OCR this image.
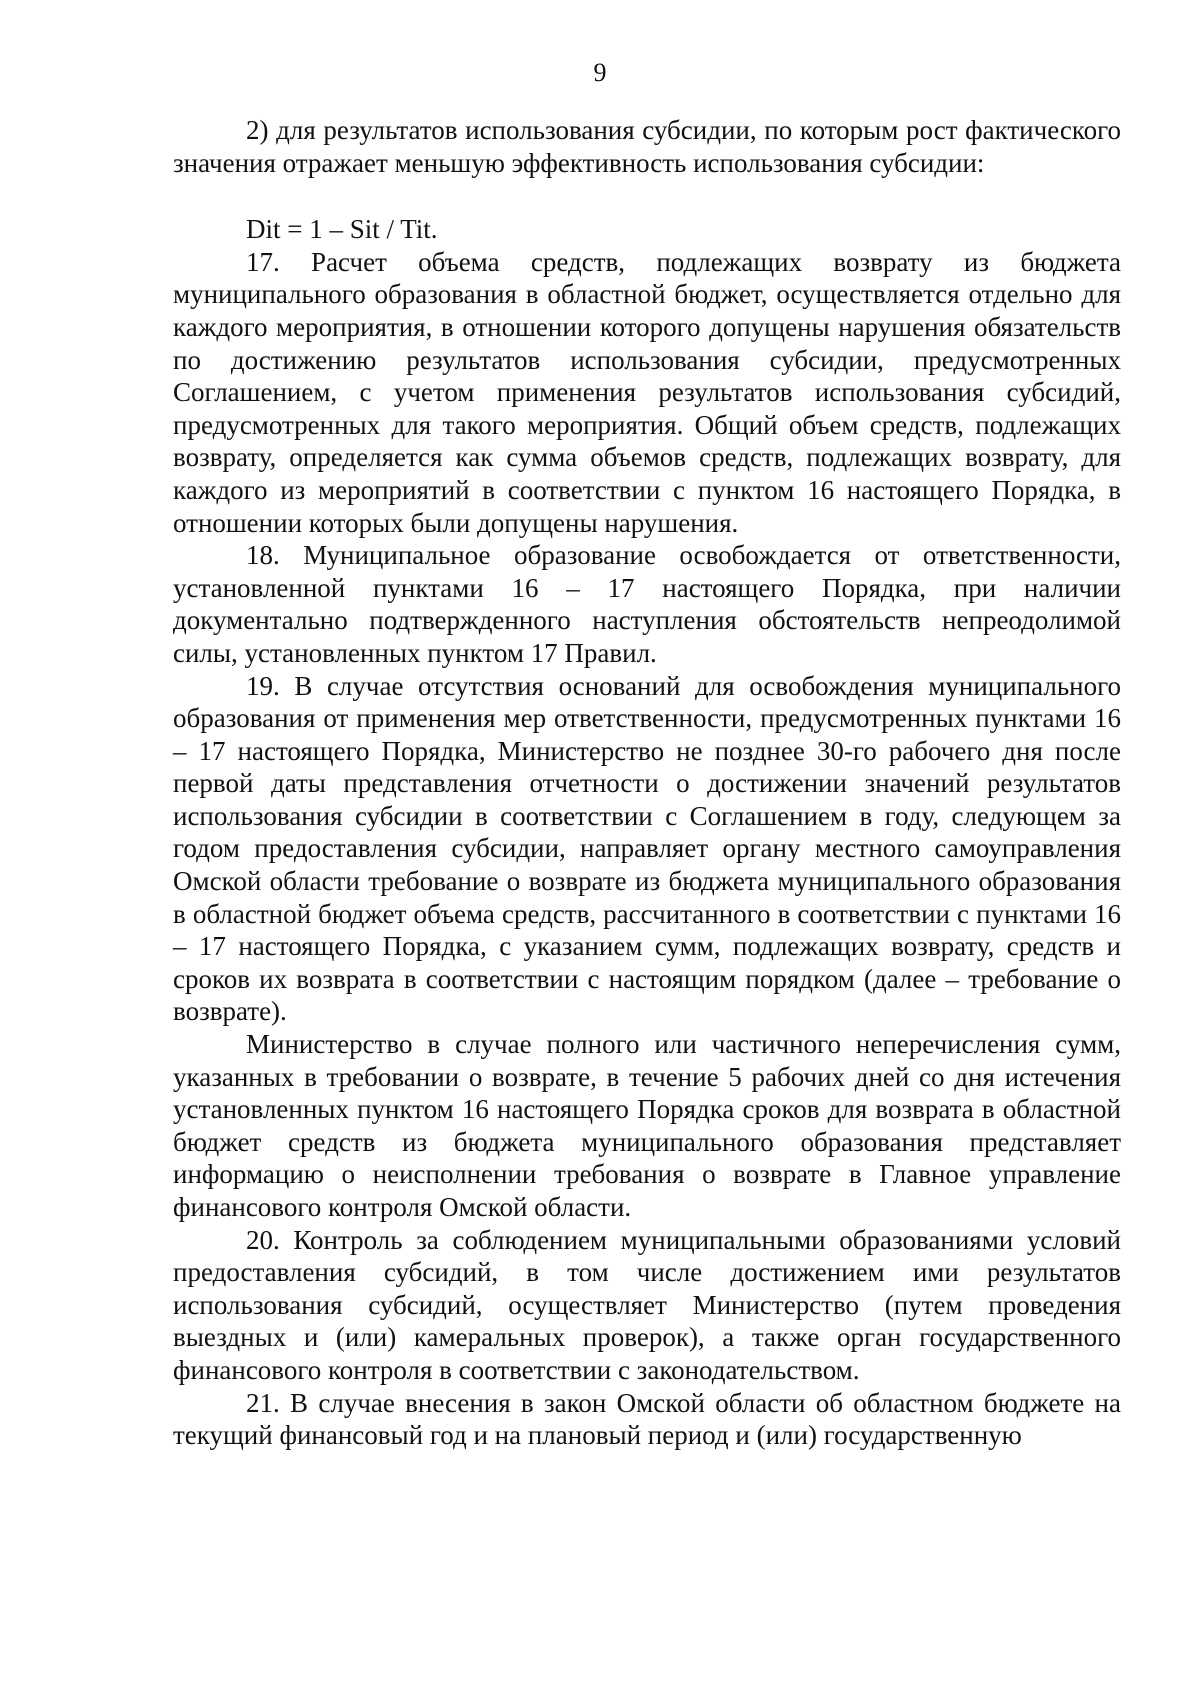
9

2) для результатов использования субсидии, по которым рост фактического значения отражает меньшую эффективность использования субсидии:

Dit = 1 – Sit / Tit.

17. Расчет объема средств, подлежащих возврату из бюджета муниципального образования в областной бюджет, осуществляется отдельно для каждого мероприятия, в отношении которого допущены нарушения обязательств по достижению результатов использования субсидии, предусмотренных Соглашением, с учетом применения результатов использования субсидий, предусмотренных для такого мероприятия. Общий объем средств, подлежащих возврату, определяется как сумма объемов средств, подлежащих возврату, для каждого из мероприятий в соответствии с пунктом 16 настоящего Порядка, в отношении которых были допущены нарушения.

18. Муниципальное образование освобождается от ответственности, установленной пунктами 16 – 17 настоящего Порядка, при наличии документально подтвержденного наступления обстоятельств непреодолимой силы, установленных пунктом 17 Правил.

19. В случае отсутствия оснований для освобождения муниципального образования от применения мер ответственности, предусмотренных пунктами 16 – 17 настоящего Порядка, Министерство не позднее 30-го рабочего дня после первой даты представления отчетности о достижении значений результатов использования субсидии в соответствии с Соглашением в году, следующем за годом предоставления субсидии, направляет органу местного самоуправления Омской области требование о возврате из бюджета муниципального образования в областной бюджет объема средств, рассчитанного в соответствии с пунктами 16 – 17 настоящего Порядка, с указанием сумм, подлежащих возврату, средств и сроков их возврата в соответствии с настоящим порядком (далее – требование о возврате).

Министерство в случае полного или частичного неперечисления сумм, указанных в требовании о возврате, в течение 5 рабочих дней со дня истечения установленных пунктом 16 настоящего Порядка сроков для возврата в областной бюджет средств из бюджета муниципального образования представляет информацию о неисполнении требования о возврате в Главное управление финансового контроля Омской области.

20. Контроль за соблюдением муниципальными образованиями условий предоставления субсидий, в том числе достижением ими результатов использования субсидий, осуществляет Министерство (путем проведения выездных и (или) камеральных проверок), а также орган государственного финансового контроля в соответствии с законодательством.

21. В случае внесения в закон Омской области об областном бюджете на текущий финансовый год и на плановый период и (или) государственную
